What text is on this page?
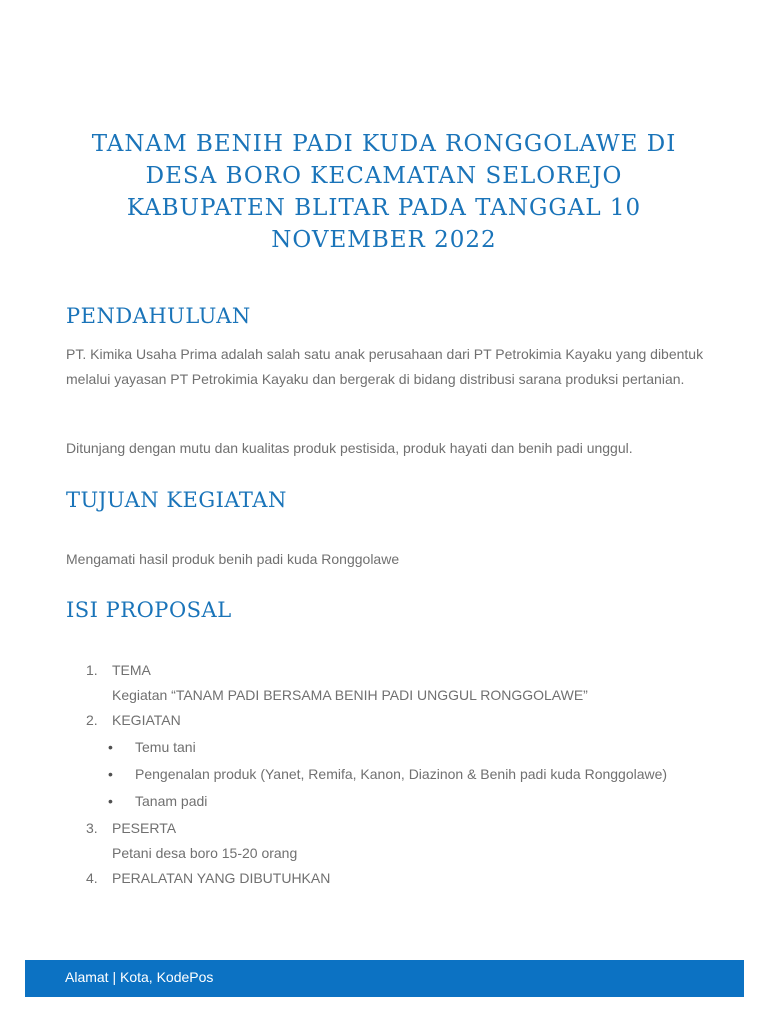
TANAM BENIH PADI KUDA RONGGOLAWE DI DESA BORO KECAMATAN SELOREJO KABUPATEN BLITAR PADA TANGGAL 10 NOVEMBER 2022
PENDAHULUAN

PT. Kimika Usaha Prima adalah salah satu anak perusahaan dari PT Petrokimia Kayaku yang dibentuk melalui yayasan PT Petrokimia Kayaku dan bergerak di bidang distribusi sarana produksi pertanian.

Ditunjang dengan mutu dan kualitas produk pestisida, produk hayati dan benih padi unggul.

TUJUAN KEGIATAN

Mengamati hasil produk benih padi kuda Ronggolawe

ISI PROPOSAL
1. TEMA
Kegiatan “TANAM PADI BERSAMA BENIH PADI UNGGUL RONGGOLAWE”
2. KEGIATAN
• Temu tani
• Pengenalan produk (Yanet, Remifa, Kanon, Diazinon & Benih padi kuda Ronggolawe)
• Tanam padi
3. PESERTA
Petani desa boro 15-20 orang
4. PERALATAN YANG DIBUTUHKAN
Alamat | Kota, KodePos
